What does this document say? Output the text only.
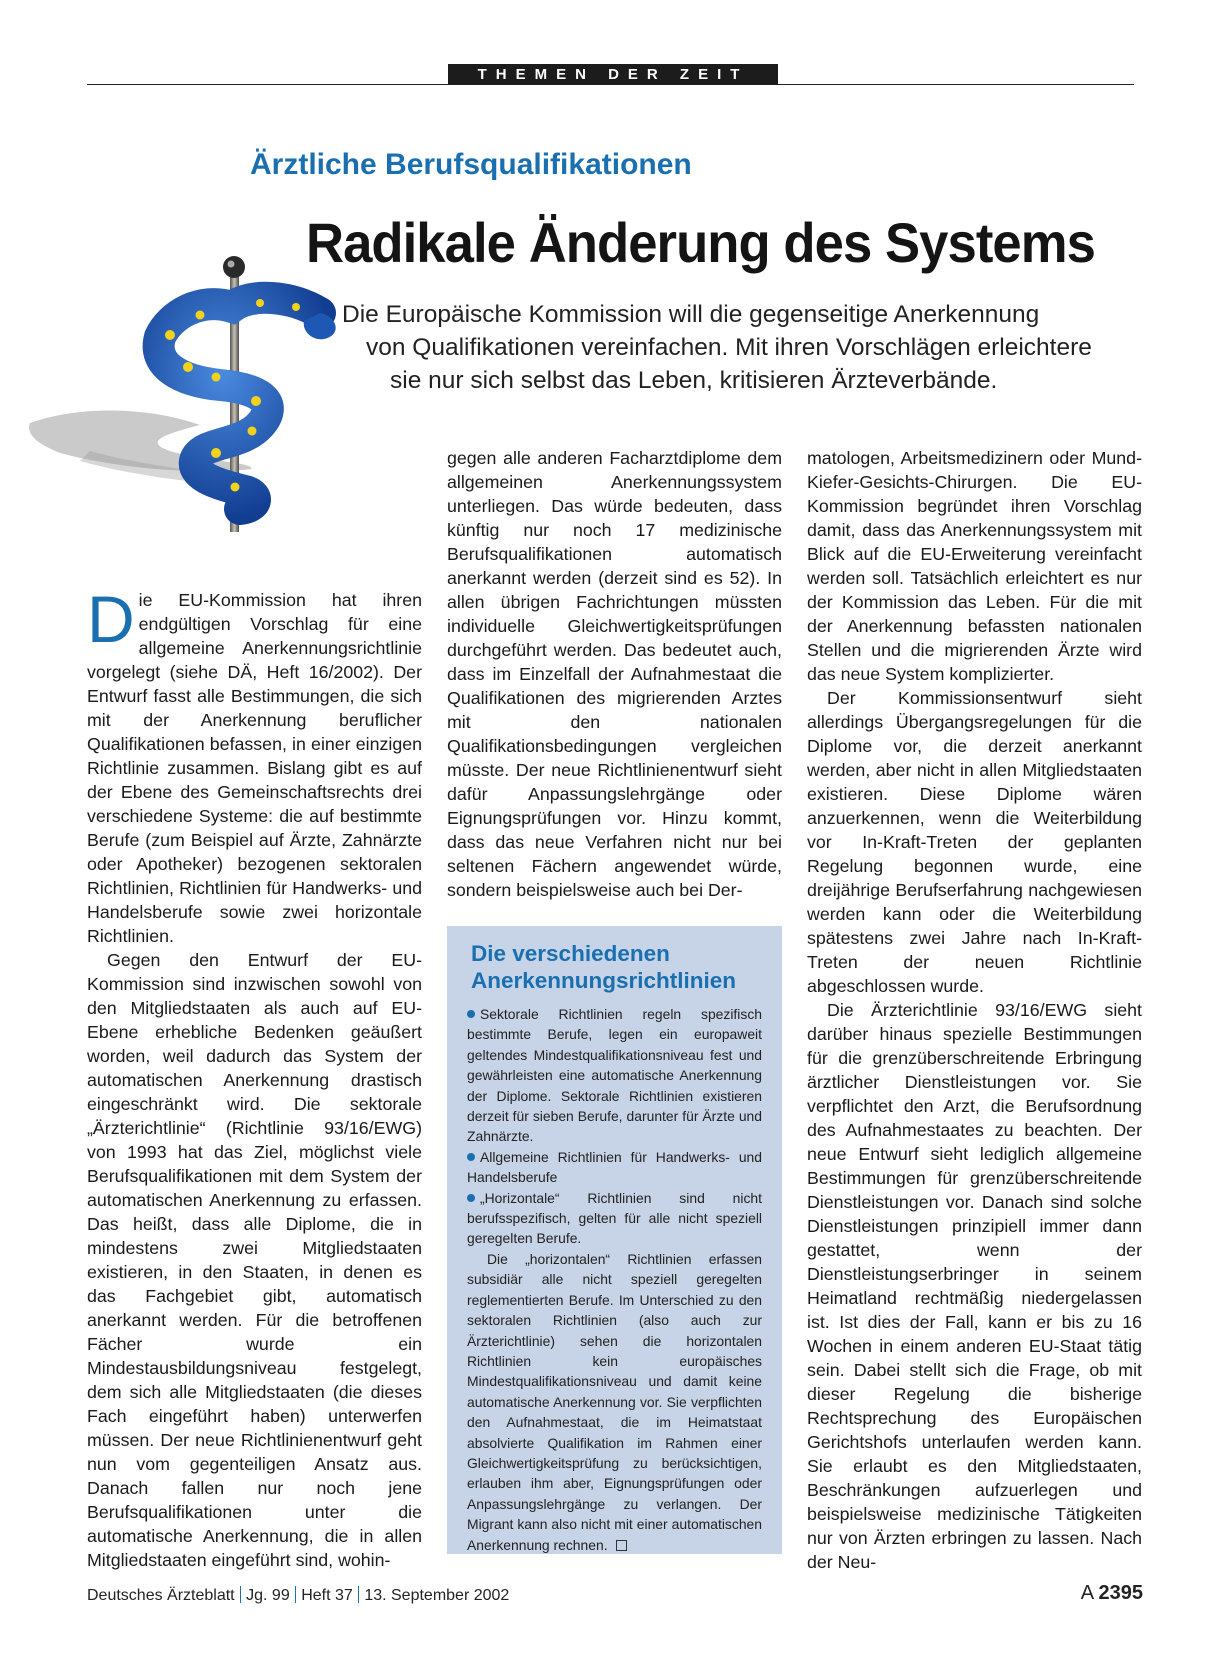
THEMEN DER ZEIT
Ärztliche Berufsqualifikationen
Radikale Änderung des Systems
Die Europäische Kommission will die gegenseitige Anerkennung
von Qualifikationen vereinfachen. Mit ihren Vorschlägen erleichtere
sie nur sich selbst das Leben, kritisieren Ärzteverbände.

Die EU-Kommission hat ihren endgültigen Vorschlag für eine allgemeine Anerkennungsrichtlinie vorgelegt (siehe DÄ, Heft 16/2002). Der Entwurf fasst alle Bestimmungen, die sich mit der Anerkennung beruflicher Qualifikationen befassen, in einer einzigen Richtlinie zusammen. Bislang gibt es auf der Ebene des Gemeinschaftsrechts drei verschiedene Systeme: die auf bestimmte Berufe (zum Beispiel auf Ärzte, Zahnärzte oder Apotheker) bezogenen sektoralen Richtlinien, Richtlinien für Handwerks- und Handelsberufe sowie zwei horizontale Richtlinien.

Gegen den Entwurf der EU-Kommission sind inzwischen sowohl von den Mitgliedstaaten als auch auf EU-Ebene erhebliche Bedenken geäußert worden, weil dadurch das System der automatischen Anerkennung drastisch eingeschränkt wird. Die sektorale „Ärzterichtlinie“ (Richtlinie 93/16/EWG) von 1993 hat das Ziel, möglichst viele Berufsqualifikationen mit dem System der automatischen Anerkennung zu erfassen. Das heißt, dass alle Diplome, die in mindestens zwei Mitgliedstaaten existieren, in den Staaten, in denen es das Fachgebiet gibt, automatisch anerkannt werden. Für die betroffenen Fächer wurde ein Mindestausbildungsniveau festgelegt, dem sich alle Mitgliedstaaten (die dieses Fach eingeführt haben) unterwerfen müssen. Der neue Richtlinienentwurf geht nun vom gegenteiligen Ansatz aus. Danach fallen nur noch jene Berufsqualifikationen unter die automatische Anerkennung, die in allen Mitgliedstaaten eingeführt sind, wohin-

gegen alle anderen Facharztdiplome dem allgemeinen Anerkennungssystem unterliegen. Das würde bedeuten, dass künftig nur noch 17 medizinische Berufsqualifikationen automatisch anerkannt werden (derzeit sind es 52). In allen übrigen Fachrichtungen müssten individuelle Gleichwertigkeitsprüfungen durchgeführt werden. Das bedeutet auch, dass im Einzelfall der Aufnahmestaat die Qualifikationen des migrierenden Arztes mit den nationalen Qualifikationsbedingungen vergleichen müsste. Der neue Richtlinienentwurf sieht dafür Anpassungslehrgänge oder Eignungsprüfungen vor. Hinzu kommt, dass das neue Verfahren nicht nur bei seltenen Fächern angewendet würde, sondern beispielsweise auch bei Der-

Die verschiedenen
Anerkennungsrichtlinien

Sektorale Richtlinien regeln spezifisch bestimmte Berufe, legen ein europaweit geltendes Mindestqualifikationsniveau fest und gewährleisten eine automatische Anerkennung der Diplome. Sektorale Richtlinien existieren derzeit für sieben Berufe, darunter für Ärzte und Zahnärzte.

Allgemeine Richtlinien für Handwerks- und Handelsberufe

„Horizontale“ Richtlinien sind nicht berufsspezifisch, gelten für alle nicht speziell geregelten Berufe.

Die „horizontalen“ Richtlinien erfassen subsidiär alle nicht speziell geregelten reglementierten Berufe. Im Unterschied zu den sektoralen Richtlinien (also auch zur Ärzterichtlinie) sehen die horizontalen Richtlinien kein europäisches Mindestqualifikationsniveau und damit keine automatische Anerkennung vor. Sie verpflichten den Aufnahmestaat, die im Heimatstaat absolvierte Qualifikation im Rahmen einer Gleichwertigkeitsprüfung zu berücksichtigen, erlauben ihm aber, Eignungsprüfungen oder Anpassungslehrgänge zu verlangen. Der Migrant kann also nicht mit einer automatischen Anerkennung rechnen.

matologen, Arbeitsmedizinern oder Mund-Kiefer-Gesichts-Chirurgen. Die EU-Kommission begründet ihren Vorschlag damit, dass das Anerkennungssystem mit Blick auf die EU-Erweiterung vereinfacht werden soll. Tatsächlich erleichtert es nur der Kommission das Leben. Für die mit der Anerkennung befassten nationalen Stellen und die migrierenden Ärzte wird das neue System komplizierter.

Der Kommissionsentwurf sieht allerdings Übergangsregelungen für die Diplome vor, die derzeit anerkannt werden, aber nicht in allen Mitgliedstaaten existieren. Diese Diplome wären anzuerkennen, wenn die Weiterbildung vor In-Kraft-Treten der geplanten Regelung begonnen wurde, eine dreijährige Berufserfahrung nachgewiesen werden kann oder die Weiterbildung spätestens zwei Jahre nach In-Kraft-Treten der neuen Richtlinie abgeschlossen wurde.

Die Ärzterichtlinie 93/16/EWG sieht darüber hinaus spezielle Bestimmungen für die grenzüberschreitende Erbringung ärztlicher Dienstleistungen vor. Sie verpflichtet den Arzt, die Berufsordnung des Aufnahmestaates zu beachten. Der neue Entwurf sieht lediglich allgemeine Bestimmungen für grenzüberschreitende Dienstleistungen vor. Danach sind solche Dienstleistungen prinzipiell immer dann gestattet, wenn der Dienstleistungserbringer in seinem Heimatland rechtmäßig niedergelassen ist. Ist dies der Fall, kann er bis zu 16 Wochen in einem anderen EU-Staat tätig sein. Dabei stellt sich die Frage, ob mit dieser Regelung die bisherige Rechtsprechung des Europäischen Gerichtshofs unterlaufen werden kann. Sie erlaubt es den Mitgliedstaaten, Beschränkungen aufzuerlegen und beispielsweise medizinische Tätigkeiten nur von Ärzten erbringen zu lassen. Nach der Neu-

Deutsches Ärzteblatt Jg. 99 Heft 37 13. September 2002	A 2395
